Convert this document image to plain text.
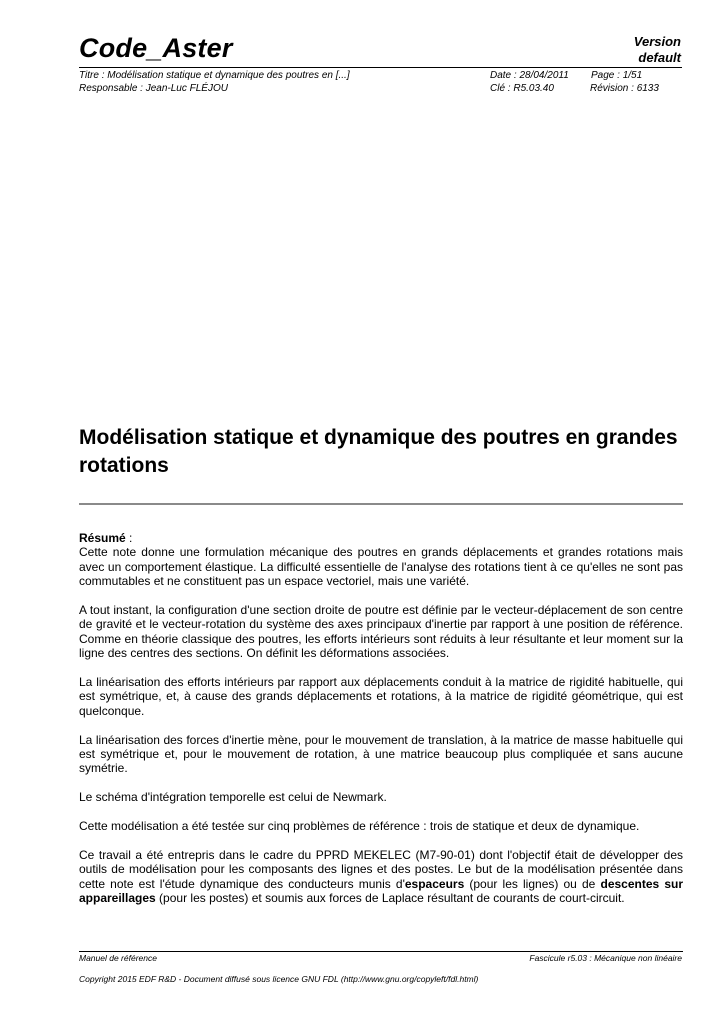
Code_Aster	Version
default
Titre : Modélisation statique et dynamique des poutres en [...]
Responsable : Jean-Luc FLÉJOU
Date : 28/04/2011 Page : 1/51
Clé : R5.03.40	Révision : 6133
Modélisation statique et dynamique des poutres en grandes rotations
Résumé :

Cette note donne une formulation mécanique des poutres en grands déplacements et grandes rotations mais avec un comportement élastique. La difficulté essentielle de l'analyse des rotations tient à ce qu'elles ne sont pas commutables et ne constituent pas un espace vectoriel, mais une variété.

A tout instant, la configuration d'une section droite de poutre est définie par le vecteur-déplacement de son centre de gravité et le vecteur-rotation du système des axes principaux d'inertie par rapport à une position de référence. Comme en théorie classique des poutres, les efforts intérieurs sont réduits à leur résultante et leur moment sur la ligne des centres des sections. On définit les déformations associées.

La linéarisation des efforts intérieurs par rapport aux déplacements conduit à la matrice de rigidité habituelle, qui est symétrique, et, à cause des grands déplacements et rotations, à la matrice de rigidité géométrique, qui est quelconque.

La linéarisation des forces d'inertie mène, pour le mouvement de translation, à la matrice de masse habituelle qui est symétrique et, pour le mouvement de rotation, à une matrice beaucoup plus compliquée et sans aucune symétrie.

Le schéma d'intégration temporelle est celui de Newmark.

Cette modélisation a été testée sur cinq problèmes de référence : trois de statique et deux de dynamique.

Ce travail a été entrepris dans le cadre du PPRD MEKELEC (M7-90-01) dont l'objectif était de développer des outils de modélisation pour les composants des lignes et des postes. Le but de la modélisation présentée dans cette note est l'étude dynamique des conducteurs munis d'espaceurs (pour les lignes) ou de descentes sur appareillages (pour les postes) et soumis aux forces de Laplace résultant de courants de court-circuit.

Manuel de référence	Fascicule r5.03 : Mécanique non linéaire
Copyright 2015 EDF R&D - Document diffusé sous licence GNU FDL (http://www.gnu.org/copyleft/fdl.html)
